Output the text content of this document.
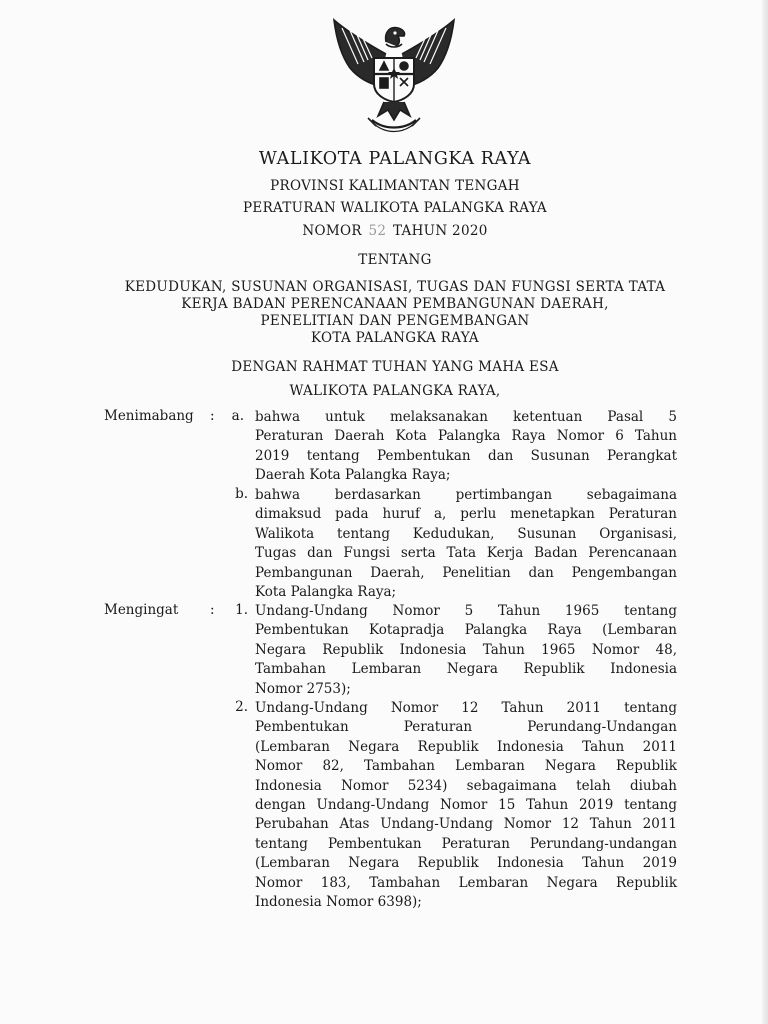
WALIKOTA PALANGKA RAYA
PROVINSI KALIMANTAN TENGAH
PERATURAN WALIKOTA PALANGKA RAYA
NOMOR 52 TAHUN 2020
TENTANG
KEDUDUKAN, SUSUNAN ORGANISASI, TUGAS DAN FUNGSI SERTA TATA
KERJA BADAN PERENCANAAN PEMBANGUNAN DAERAH,
PENELITIAN DAN PENGEMBANGAN
KOTA PALANGKA RAYA
DENGAN RAHMAT TUHAN YANG MAHA ESA
WALIKOTA PALANGKA RAYA,
Menimabang :	a. bahwa untuk melaksanakan ketentuan Pasal 5
Peraturan Daerah Kota Palangka Raya Nomor 6 Tahun
2019 tentang Pembentukan dan Susunan Perangkat
Daerah Kota Palangka Raya;
b. bahwa berdasarkan pertimbangan sebagaimana
dimaksud pada huruf a, perlu menetapkan Peraturan
Walikota tentang Kedudukan, Susunan Organisasi,
Tugas dan Fungsi serta Tata Kerja Badan Perencanaan
Pembangunan Daerah, Penelitian dan Pengembangan
Kota Palangka Raya;
Mengingat :	1. Undang-Undang Nomor 5 Tahun 1965 tentang
Pembentukan Kotapradja Palangka Raya (Lembaran
Negara Republik Indonesia Tahun 1965 Nomor 48,
Tambahan Lembaran Negara Republik Indonesia
Nomor 2753);
2. Undang-Undang Nomor 12 Tahun 2011 tentang
Pembentukan Peraturan Perundang-Undangan
(Lembaran Negara Republik Indonesia Tahun 2011
Nomor 82, Tambahan Lembaran Negara Republik
Indonesia Nomor 5234) sebagaimana telah diubah
dengan Undang-Undang Nomor 15 Tahun 2019 tentang
Perubahan Atas Undang-Undang Nomor 12 Tahun 2011
tentang Pembentukan Peraturan Perundang-undangan
(Lembaran Negara Republik Indonesia Tahun 2019
Nomor 183, Tambahan Lembaran Negara Republik
Indonesia Nomor 6398);
